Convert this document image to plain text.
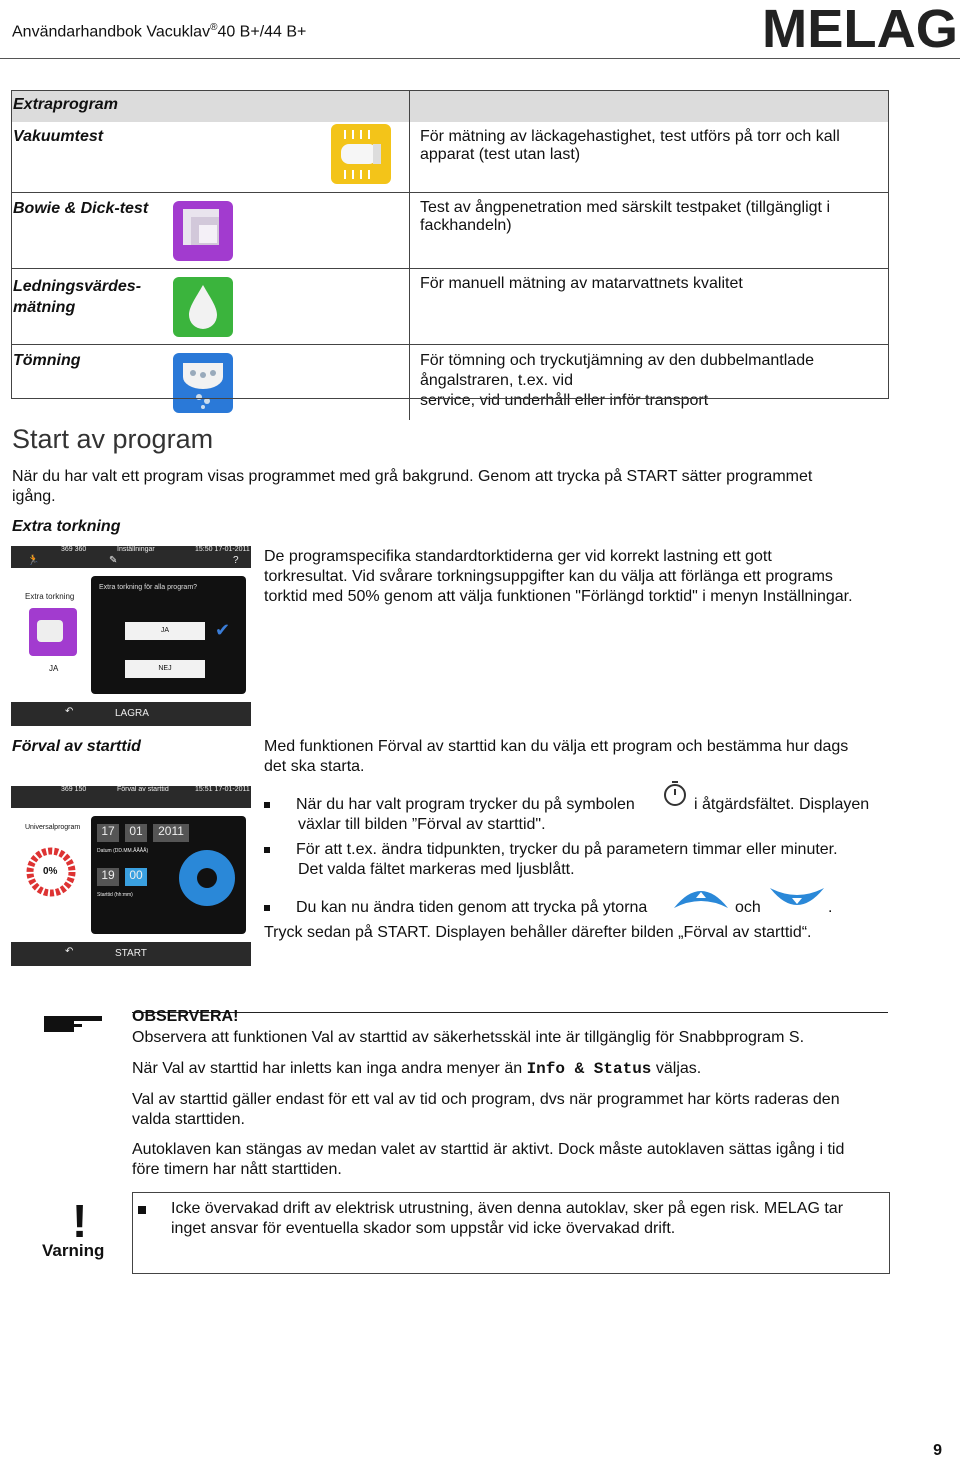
Användarhandbok Vacuklav®40 B+/44 B+	MELAG
Extraprogram		
Vakuumtest		För mätning av läckagehastighet, test utförs på torr och kall apparat (test utan last)
Bowie & Dick-test		Test av ångpenetration med särskilt testpaket (tillgängligt i fackhandeln)
Ledningsvärdes-
mätning		För manuell mätning av matarvattnets kvalitet
Tömning		För tömning och tryckutjämning av den dubbelmantlade ångalstraren, t.ex. vid
service, vid underhåll eller inför transport
Start av program
När du har valt ett program visas programmet med grå bakgrund. Genom att trycka på START sätter programmet
igång.
Extra torkning
369 360	Inställningar	15:50 17-01-2011
🏃	✎	?
Extra torkning
JA
Extra torkning för alla program?
JA	✔
NEJ
↶	LAGRA
De programspecifika standardtorktiderna ger vid korrekt lastning ett gott
torkresultat. Vid svårare torkningsuppgifter kan du välja att förlänga ett programs
torktid med 50% genom att välja funktionen "Förlängd torktid" i menyn Inställningar.
Förval av starttid
369 150	Förval av starttid	15:51 17-01-2011
Universalprogram
0%
17	01	2011
Datum (DD.MM.ÅÅÅÅ)
19	00
Starttid (hh:mm)
↶	START
Med funktionen Förval av starttid kan du välja ett program och bestämma hur dags
det ska starta.
När du har valt program trycker du på symbolen	i åtgärdsfältet. Displayen
växlar till bilden ”Förval av starttid".
För att t.ex. ändra tidpunkten, trycker du på parametern timmar eller minuter.
Det valda fältet markeras med ljusblått.
Du kan nu ändra tiden genom att trycka på ytorna	och	.
Tryck sedan på START. Displayen behåller därefter bilden „Förval av starttid“.
OBSERVERA!
Observera att funktionen Val av starttid av säkerhetsskäl inte är tillgänglig för Snabbprogram S.
När Val av starttid har inletts kan inga andra menyer än Info & Status väljas.
Val av starttid gäller endast för ett val av tid och program, dvs när programmet har körts raderas den
valda starttiden.
Autoklaven kan stängas av medan valet av starttid är aktivt. Dock måste autoklaven sättas igång i tid
före timern har nått starttiden.
!
Varning
Icke övervakad drift av elektrisk utrustning, även denna autoklav, sker på egen risk. MELAG tar
inget ansvar för eventuella skador som uppstår vid icke övervakad drift.
9
